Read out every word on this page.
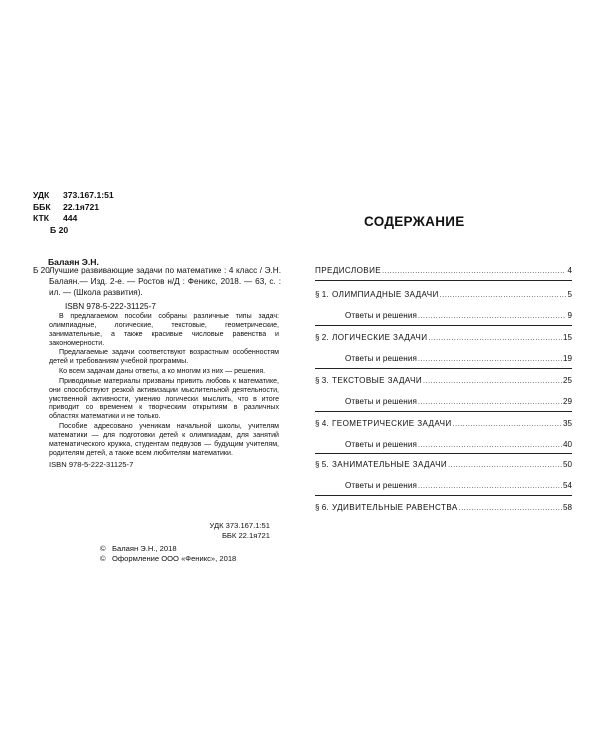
УДК 373.167.1:51
ББК 22.1я721
КТК 444
Б 20
Балаян Э.Н.
Б 20 Лучшие развивающие задачи по математике : 4 класс / Э.Н. Балаян.— Изд. 2-е. — Ростов н/Д : Феникс, 2018. — 63, с. : ил. — (Школа развития).
ISBN 978-5-222-31125-7

В предлагаемом пособии собраны различные типы задач: олимпиадные, логические, текстовые, геометрические, занимательные, а также красивые числовые равенства и закономерности.

Предлагаемые задачи соответствуют возрастным особенностям детей и требованиям учебной программы.

Ко всем задачам даны ответы, а ко многим из них — решения.

Приводимые материалы призваны привить любовь к математике, они способствуют резкой активизации мыслительной деятельности, умственной активности, умению логически мыслить, что в итоге приводит со временем к творческим открытиям в различных областях математики и не только.

Пособие адресовано ученикам начальной школы, учителям математики — для подготовки детей к олимпиадам, для занятий математического кружка, студентам педвузов — будущим учителям, родителям детей, а также всем любителям математики.

ISBN 978-5-222-31125-7
УДК 373.167.1:51
ББК 22.1я721
© Балаян Э.Н., 2018
© Оформление ООО «Феникс», 2018
СОДЕРЖАНИЕ
ПРЕДИСЛОВИЕ .....	4
§ 1. ОЛИМПИАДНЫЕ ЗАДАЧИ .....	5
Ответы и решения .....	9
§ 2. ЛОГИЧЕСКИЕ ЗАДАЧИ .....	15
Ответы и решения .....	19
§ 3. ТЕКСТОВЫЕ ЗАДАЧИ .....	25
Ответы и решения .....	29
§ 4. ГЕОМЕТРИЧЕСКИЕ ЗАДАЧИ .....	35
Ответы и решения .....	40
§ 5. ЗАНИМАТЕЛЬНЫЕ ЗАДАЧИ .....	50
Ответы и решения .....	54
§ 6. УДИВИТЕЛЬНЫЕ РАВЕНСТВА .....	58
